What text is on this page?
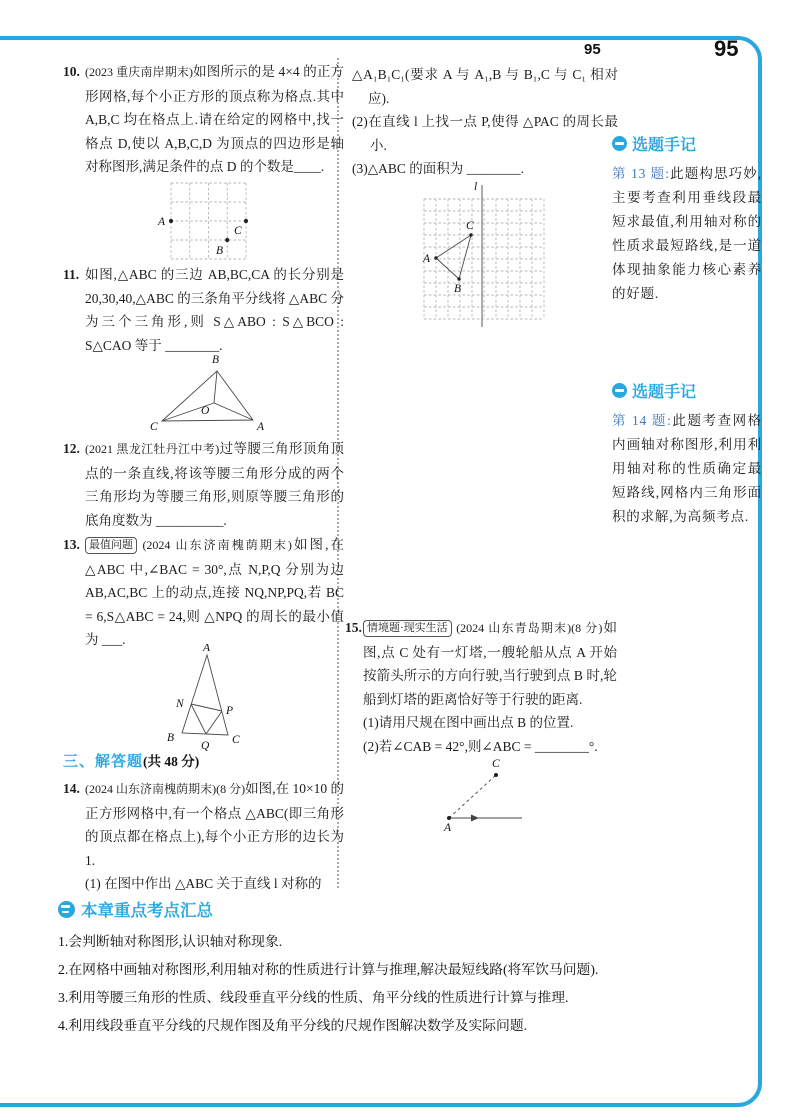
95	95
10. (2023 重庆南岸期末)如图所示的是 4×4 的正方形网格,每个小正方形的顶点称为格点.其中 A,B,C 均在格点上.请在给定的网格中,找一格点 D,使以 A,B,C,D 为顶点的四边形是轴对称图形,满足条件的点 D 的个数是____.
A
C
B
11. 如图,△ABC 的三边 AB,BC,CA 的长分别是 20,30,40,△ABC 的三条角平分线将 △ABC 分为三个三角形,则 S△ABO : S△BCO : S△CAO 等于 ________.
B
C	A
O
12. (2021 黑龙江牡丹江中考)过等腰三角形顶角顶点的一条直线,将该等腰三角形分成的两个三角形均为等腰三角形,则原等腰三角形的底角度数为 __________.
13. 最值问题 (2024 山东济南槐荫期末)如图,在 △ABC 中,∠BAC = 30°,点 N,P,Q 分别为边 AB,AC,BC 上的动点,连接 NQ,NP,PQ,若 BC = 6,S△ABC = 24,则 △NPQ 的周长的最小值为 ___.
A
N
P
B
Q C
三、解答题(共 48 分)
14. (2024 山东济南槐荫期末)(8 分)如图,在 10×10 的正方形网格中,有一个格点 △ABC(即三角形的顶点都在格点上),每个小正方形的边长为 1.
(1) 在图中作出 △ABC 关于直线 l 对称的
△A₁B₁C₁(要求 A 与 A₁,B 与 B₁,C 与 C₁ 相对应).
(2)在直线 l 上找一点 P,使得 △PAC 的周长最小.
(3)△ABC 的面积为 ________.
l
A
C
B
15. 情境题·现实生活 (2024 山东青岛期末)(8 分)如图,点 C 处有一灯塔,一艘轮船从点 A 开始按箭头所示的方向行驶,当行驶到点 B 时,轮船到灯塔的距离恰好等于行驶的距离.
(1)请用尺规在图中画出点 B 的位置.
(2)若∠CAB = 42°,则∠ABC = ________°.
C
A
选题手记
第 13 题:此题构思巧妙,主要考查利用垂线段最短求最值,利用轴对称的性质求最短路线,是一道体现抽象能力核心素养的好题.
选题手记
第 14 题:此题考查网格内画轴对称图形,利用利用轴对称的性质确定最短路线,网格内三角形面积的求解,为高频考点.
本章重点考点汇总
1.会判断轴对称图形,认识轴对称现象.
2.在网格中画轴对称图形,利用轴对称的性质进行计算与推理,解决最短线路(将军饮马问题).
3.利用等腰三角形的性质、线段垂直平分线的性质、角平分线的性质进行计算与推理.
4.利用线段垂直平分线的尺规作图及角平分线的尺规作图解决数学及实际问题.
